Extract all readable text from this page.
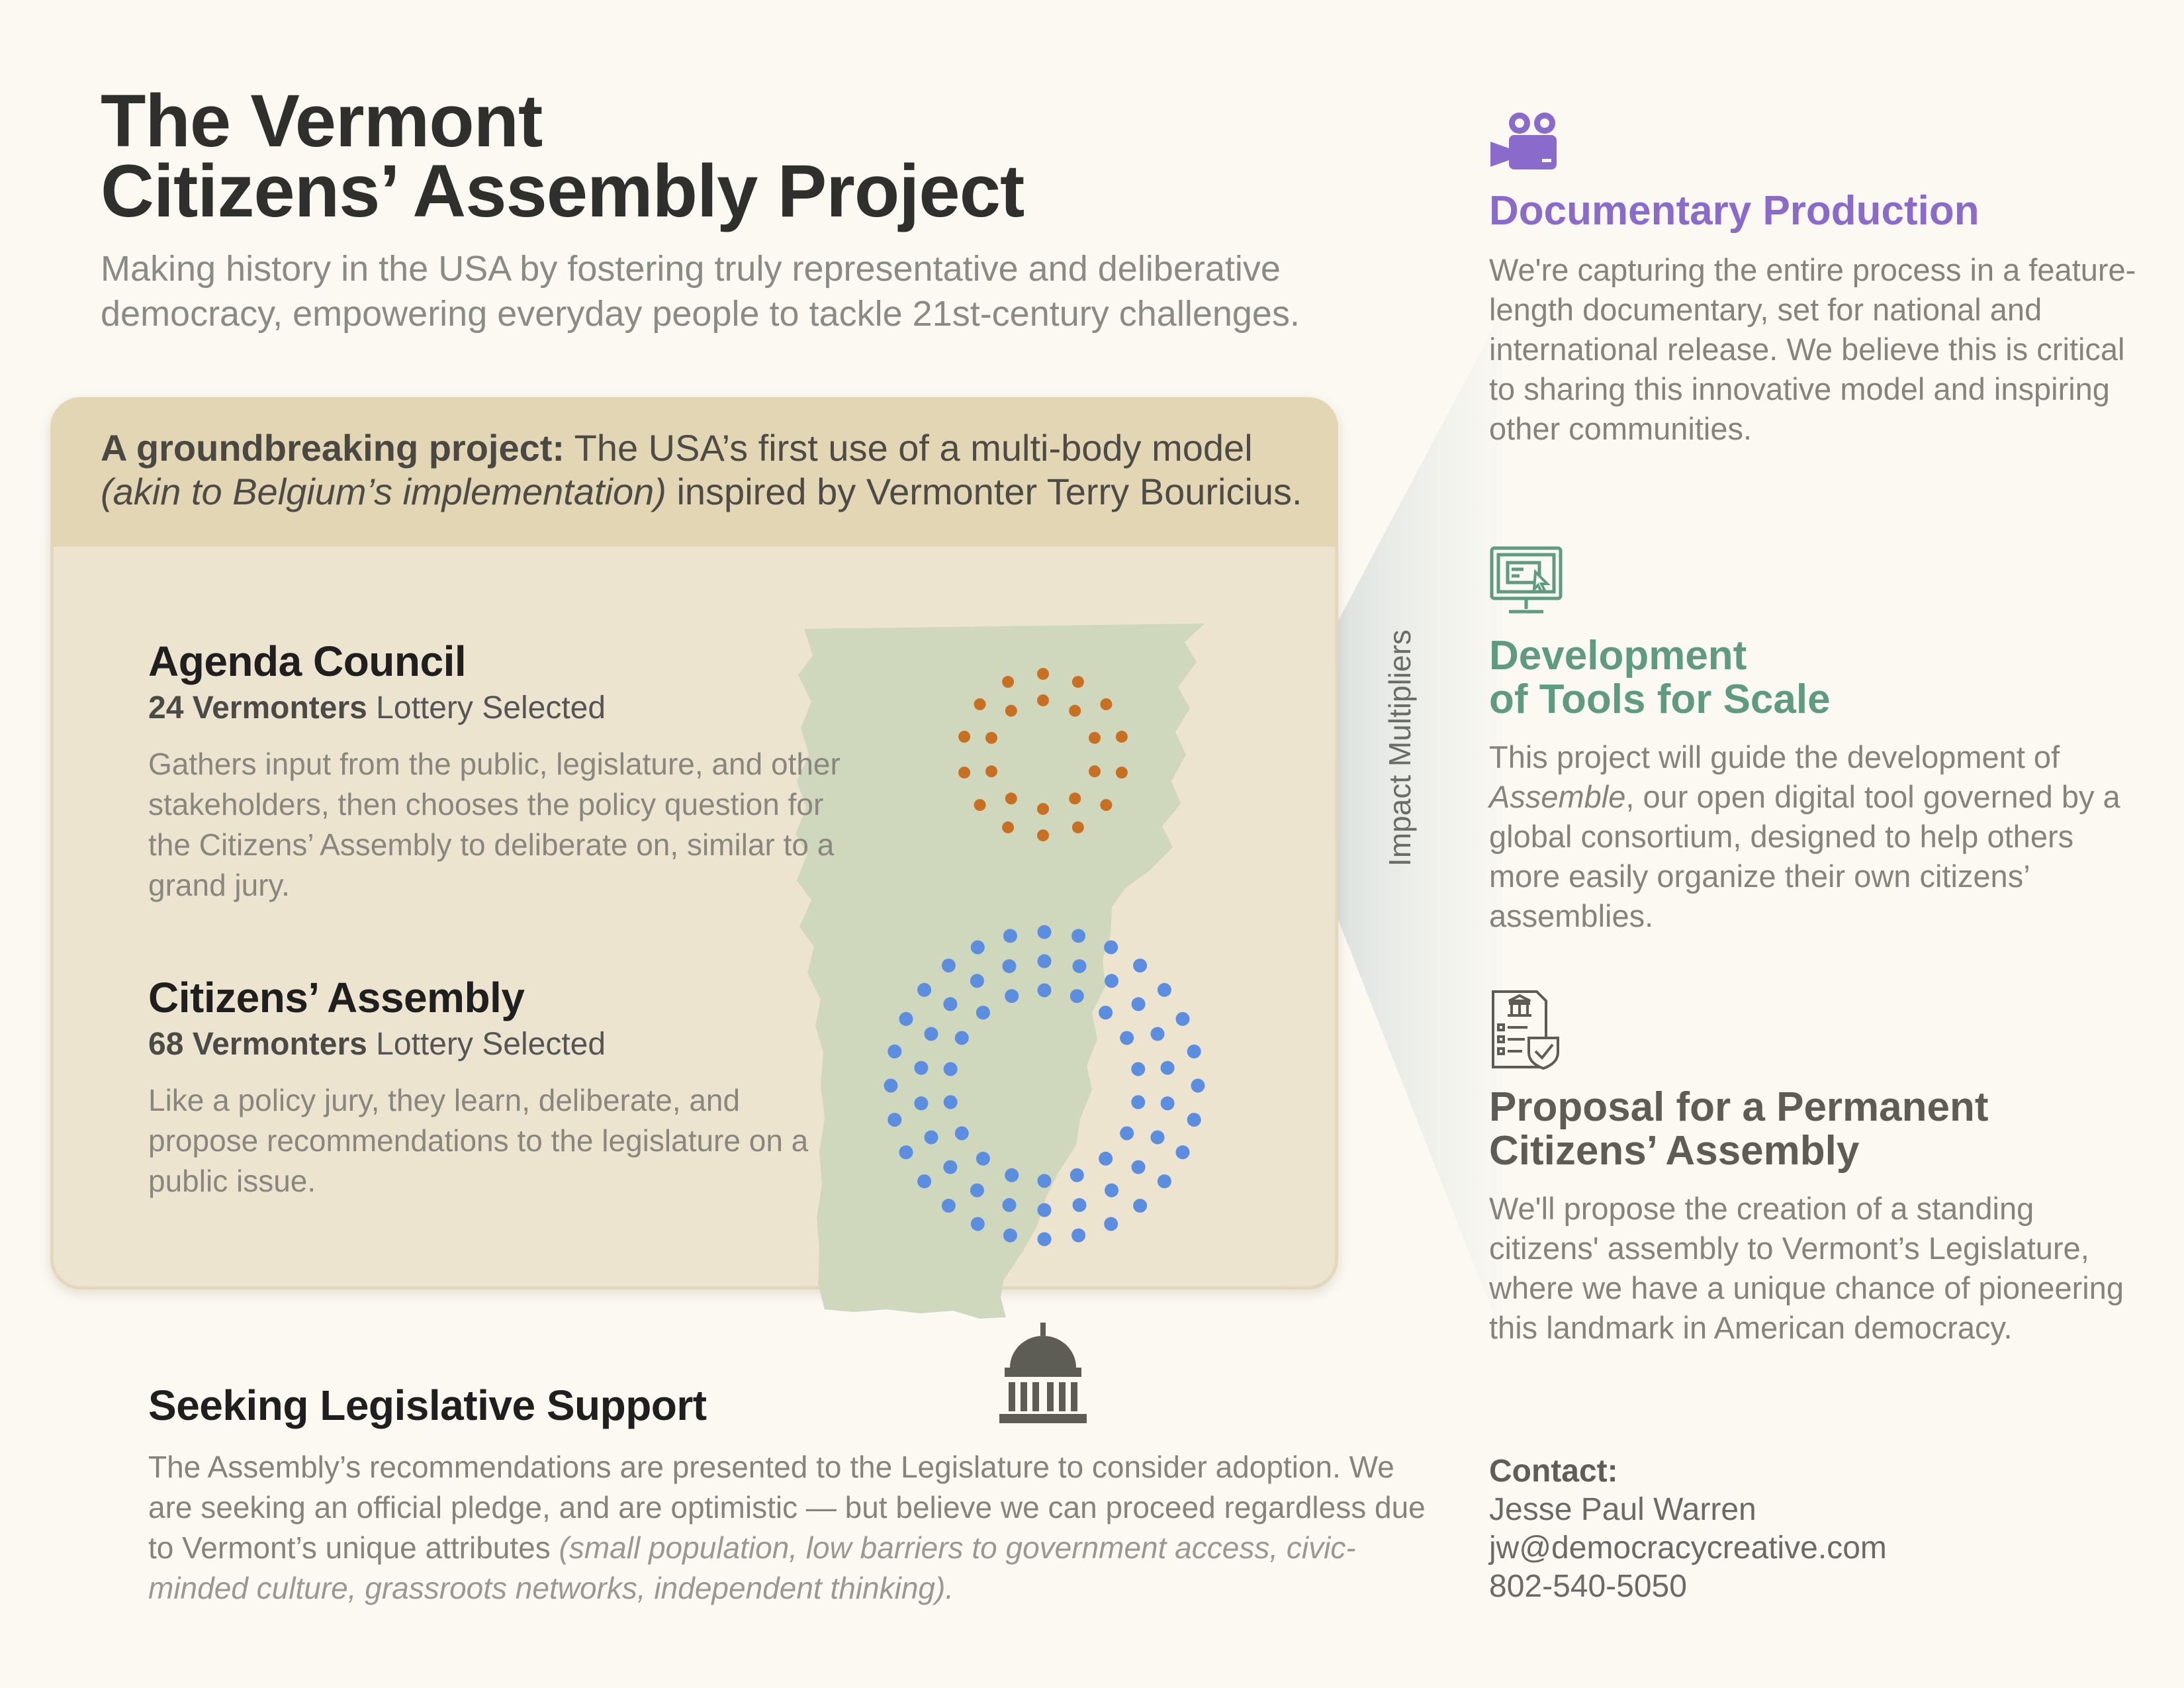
The Vermont
Citizens’ Assembly Project

Making history in the USA by fostering truly representative and deliberative democracy, empowering everyday people to tackle 21st-century challenges.

A groundbreaking project: The USA’s first use of a multi-body model (akin to Belgium’s implementation) inspired by Vermonter Terry Bouricius.

Agenda Council

24 Vermonters Lottery Selected

Gathers input from the public, legislature, and other stakeholders, then chooses the policy question for the Citizens’ Assembly to deliberate on, similar to a grand jury.

Citizens’ Assembly

68 Vermonters Lottery Selected

Like a policy jury, they learn, deliberate, and propose recommendations to the legislature on a public issue.

Seeking Legislative Support

The Assembly’s recommendations are presented to the Legislature to consider adoption. We are seeking an official pledge, and are optimistic — but believe we can proceed regardless due to Vermont’s unique attributes (small population, low barriers to government access, civic-minded culture, grassroots networks, independent thinking).

Impact Multipliers
Documentary Production

We're capturing the entire process in a feature-length documentary, set for national and international release. We believe this is critical to sharing this innovative model and inspiring other communities.

Development
of Tools for Scale

This project will guide the development of Assemble, our open digital tool governed by a global consortium, designed to help others more easily organize their own citizens’ assemblies.

Proposal for a Permanent
Citizens’ Assembly

We'll propose the creation of a standing citizens' assembly to Vermont’s Legislature, where we have a unique chance of pioneering this landmark in American democracy.

Contact:
Jesse Paul Warren
jw@democracycreative.com
802-540-5050
